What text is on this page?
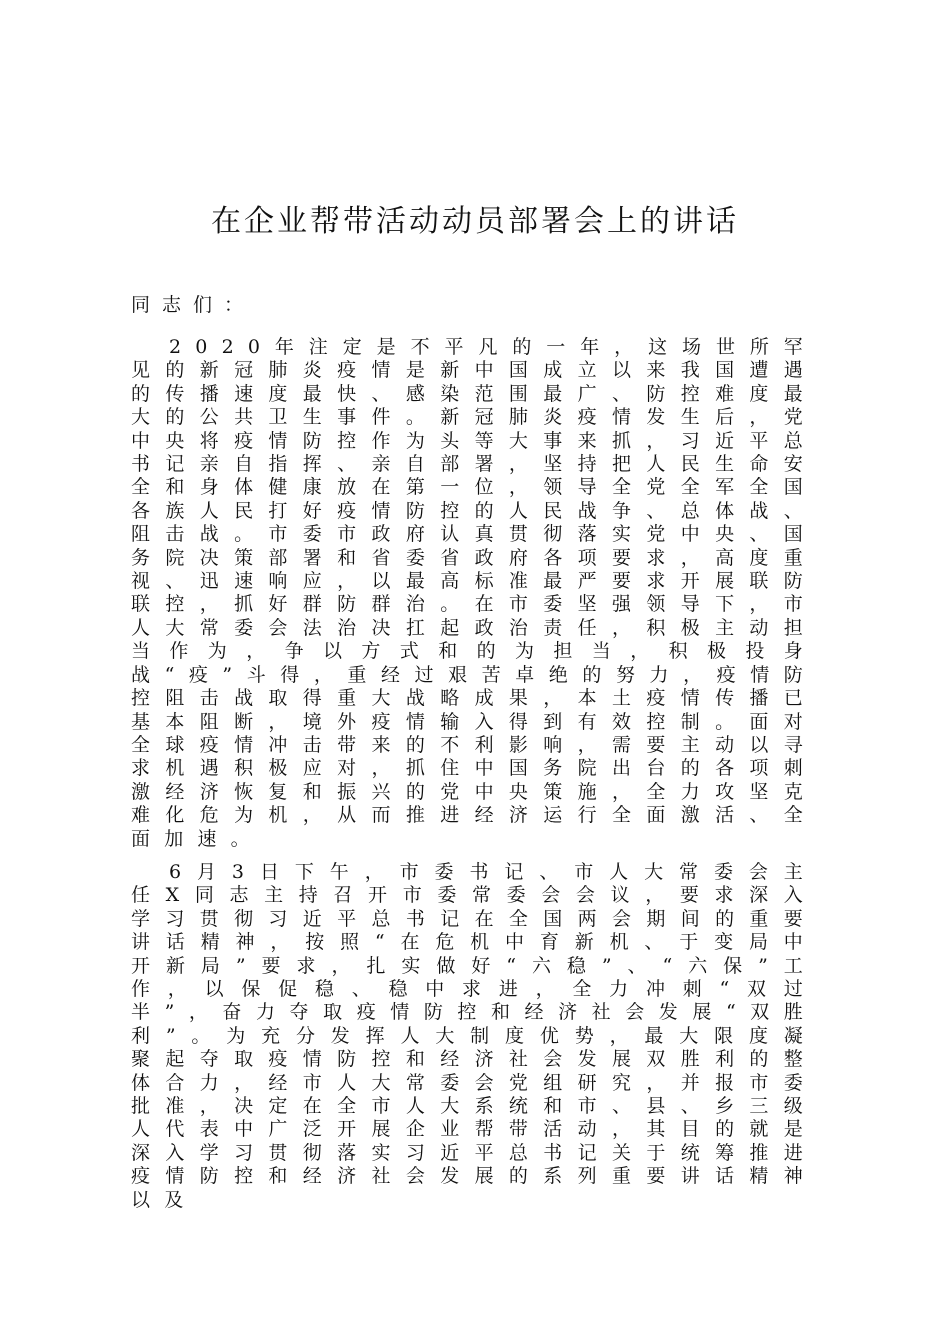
在企业帮带活动动员部署会上的讲话
同志们：

2020年注定是不平凡的一年，这场世所罕见的新冠肺炎疫情是新中国成立以来我国遭遇的传播速度最快、感染范围最广、防控难度最大的公共卫生事件。新冠肺炎疫情发生后，党中央将疫情防控作为头等大事来抓，习近平总书记亲自指挥、亲自部署，坚持把人民生命安全和身体健康放在第一位，领导全党全军全国各族人民打好疫情防控的人民战争、总体战、阻击战。市委市政府认真贯彻落实党中央、国务院决策部署和省委省政府各项要求，高度重视、迅速响应，以最高标准最严要求开展联防联控，抓好群防群治。在市委坚强领导下，市人大常委会法治决扛起政治责任，积极主动担当作为，争以方式和的为担当，积极投身战“疫”斗得，重经过艰苦卓绝的努力，疫情防控阻击战取得重大战略成果，本土疫情传播已基本阻断，境外疫情输入得到有效控制。面对全球疫情冲击带来的不利影响，需要主动以寻求机遇积极应对，抓住中国务院出台的各项刺激经济恢复和振兴的党中央策施，全力攻坚克难化危为机，从而推进经济运行全面激活、全面加速。

6月3日下午，市委书记、市人大常委会主任X同志主持召开市委常委会会议，要求深入学习贯彻习近平总书记在全国两会期间的重要讲话精神，按照“在危机中育新机、于变局中开新局”要求，扎实做好“六稳”、“六保”工作，以保促稳、稳中求进，全力冲刺“双过半”，奋力夺取疫情防控和经济社会发展“双胜利”。为充分发挥人大制度优势，最大限度凝聚起夺取疫情防控和经济社会发展双胜利的整体合力，经市人大常委会党组研究，并报市委批准，决定在全市人大系统和市、县、乡三级人代表中广泛开展企业帮带活动，其目的就是深入学习贯彻落实习近平总书记关于统筹推进疫情防控和经济社会发展的系列重要讲话精神以及
